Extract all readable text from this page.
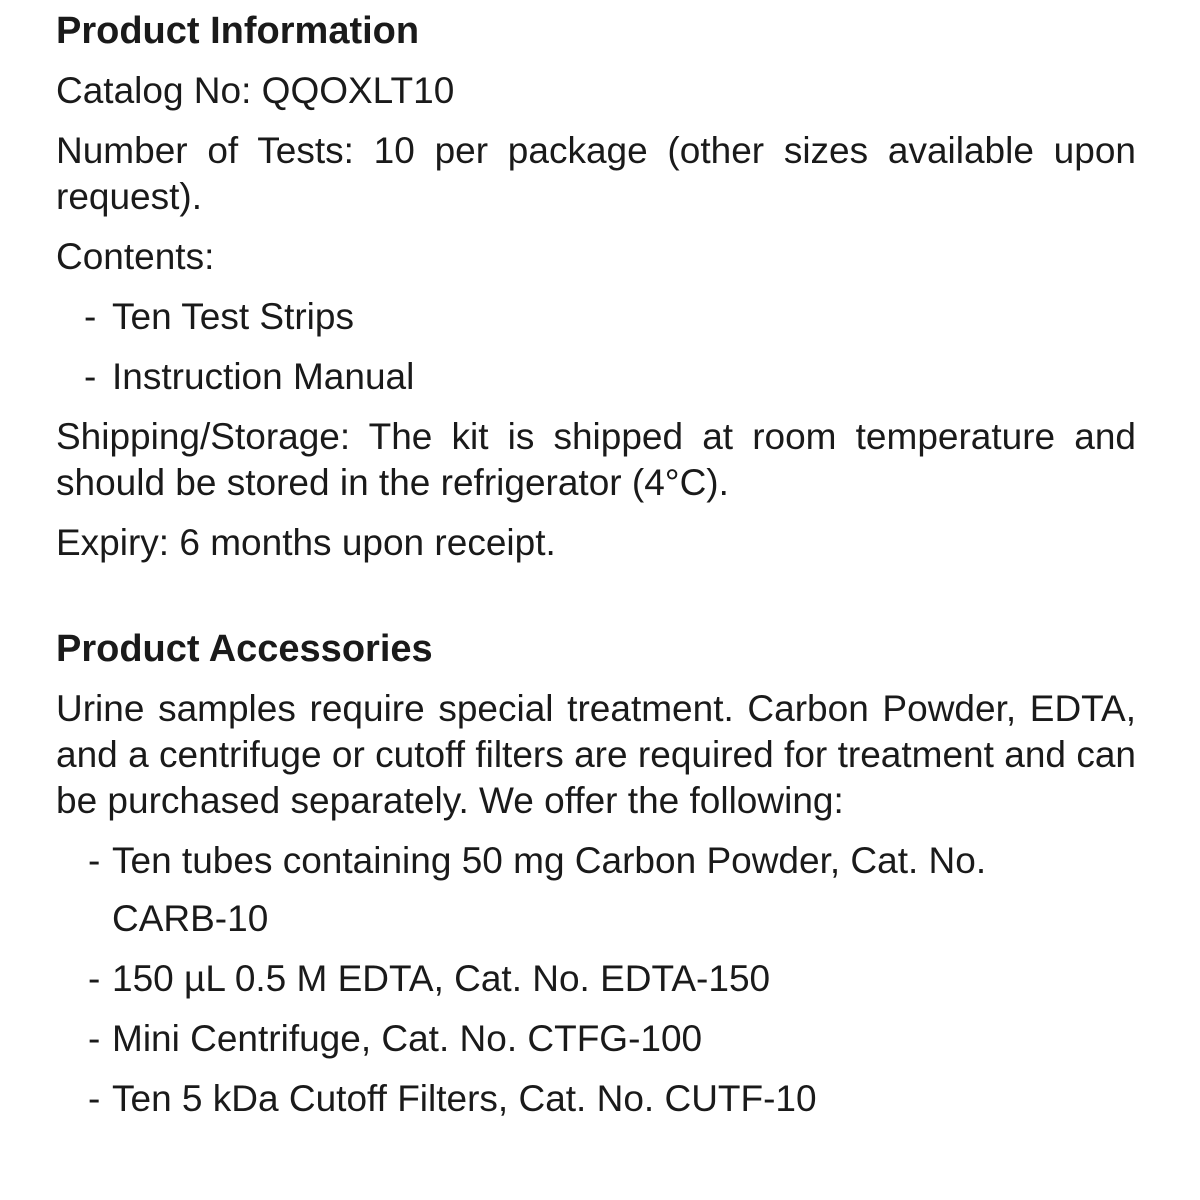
Product Information

Catalog No: QQOXLT10

Number of Tests: 10 per package (other sizes available upon request).

Contents:

- Ten Test Strips
- Instruction Manual

Shipping/Storage: The kit is shipped at room temperature and should be stored in the refrigerator (4°C).

Expiry: 6 months upon receipt.

Product Accessories

Urine samples require special treatment. Carbon Powder, EDTA, and a centrifuge or cutoff filters are required for treatment and can be purchased separately. We offer the following:

- Ten tubes containing 50 mg Carbon Powder, Cat. No.
CARB-10
- 150 µL 0.5 M EDTA, Cat. No. EDTA-150
- Mini Centrifuge, Cat. No. CTFG-100
- Ten 5 kDa Cutoff Filters, Cat. No. CUTF-10
